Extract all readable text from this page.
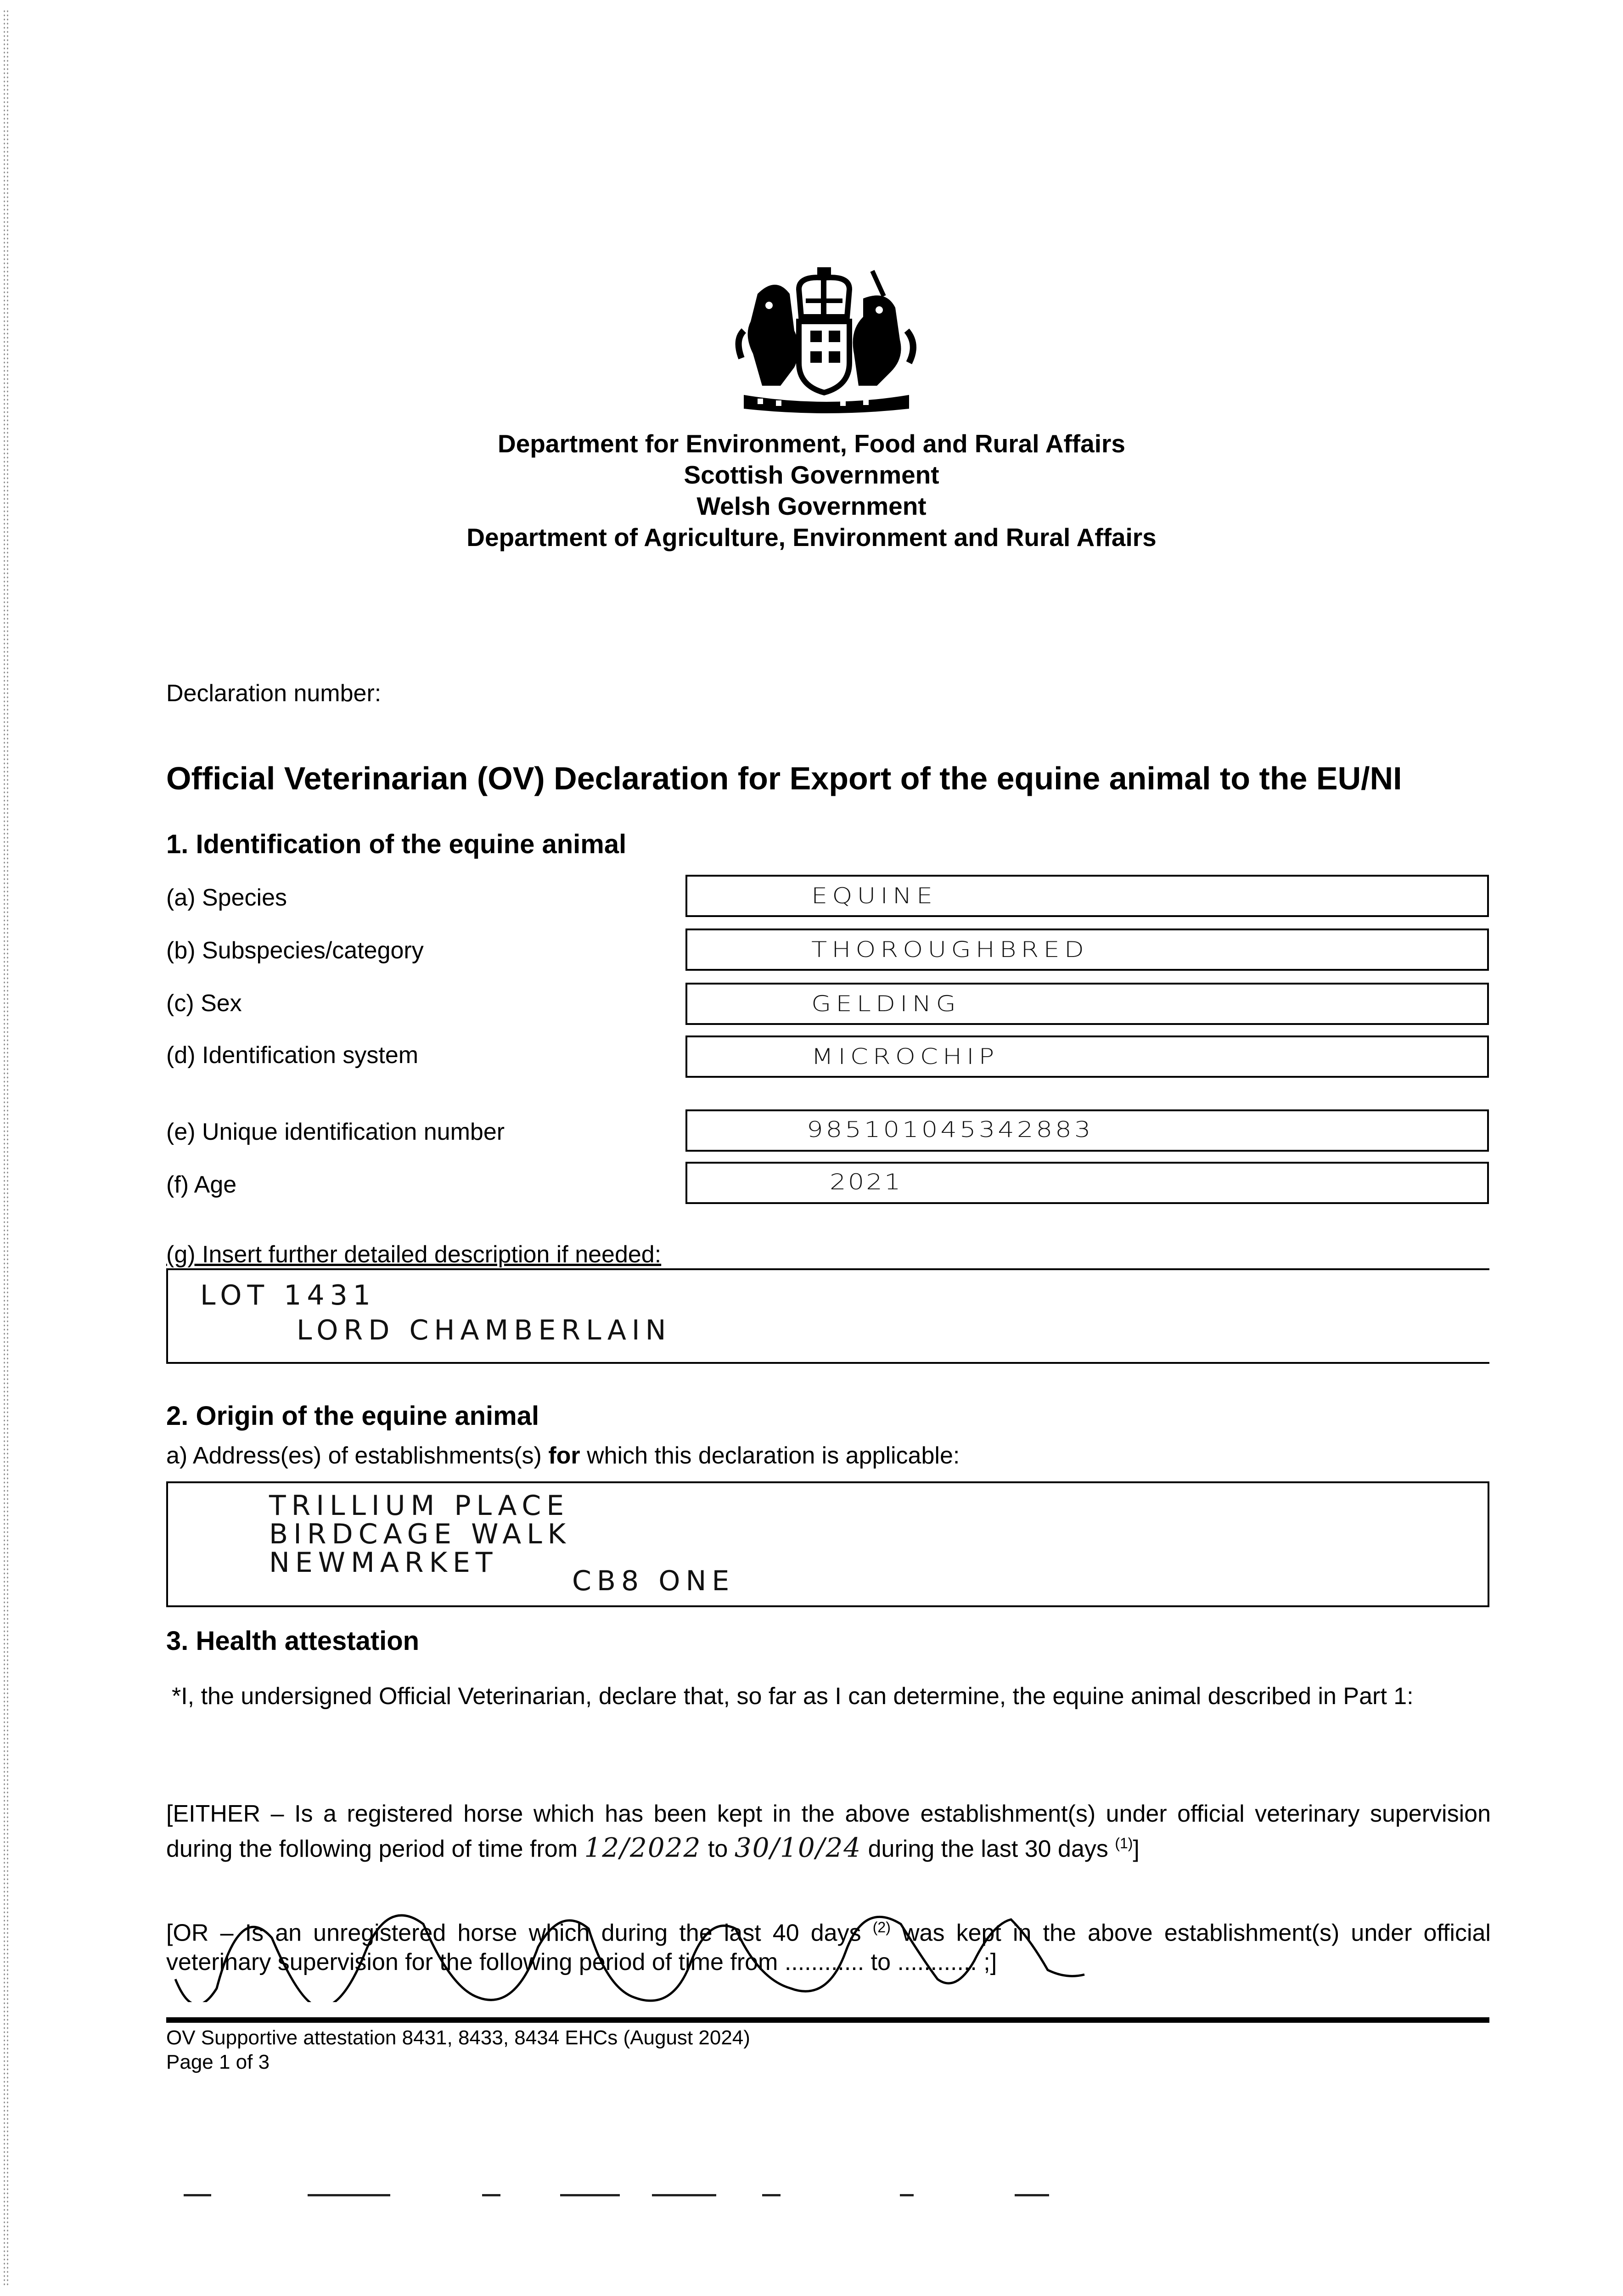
Department for Environment, Food and Rural Affairs
Scottish Government
Welsh Government
Department of Agriculture, Environment and Rural Affairs
Declaration number:
Official Veterinarian (OV) Declaration for Export of the equine animal to the EU/NI
1. Identification of the equine animal
(a) Species	EQUINE
(b) Subspecies/category	THOROUGHBRED
(c) Sex	GELDING
(d) Identification system	MICROCHIP
(e) Unique identification number	985101045342883
(f) Age	2021
(g) Insert further detailed description if needed:
LOT 1431
LORD CHAMBERLAIN
2. Origin of the equine animal
a) Address(es) of establishments(s) for which this declaration is applicable:
TRILLIUM PLACE
BIRDCAGE WALK
NEWMARKET
CB8 ONE
3. Health attestation
*I, the undersigned Official Veterinarian, declare that, so far as I can determine, the equine animal described in Part 1:
[EITHER – Is a registered horse which has been kept in the above establishment(s) under official veterinary supervision during the following period of time from 12/2022 to 30/10/24 during the last 30 days $^{(1)}$]
[OR – Is an unregistered horse which during the last 40 days $^{(2)}$ was kept in the above establishment(s) under official veterinary supervision for the following period of time from ............ to ............ ;]
OV Supportive attestation 8431, 8433, 8434 EHCs (August 2024)
Page 1 of 3
